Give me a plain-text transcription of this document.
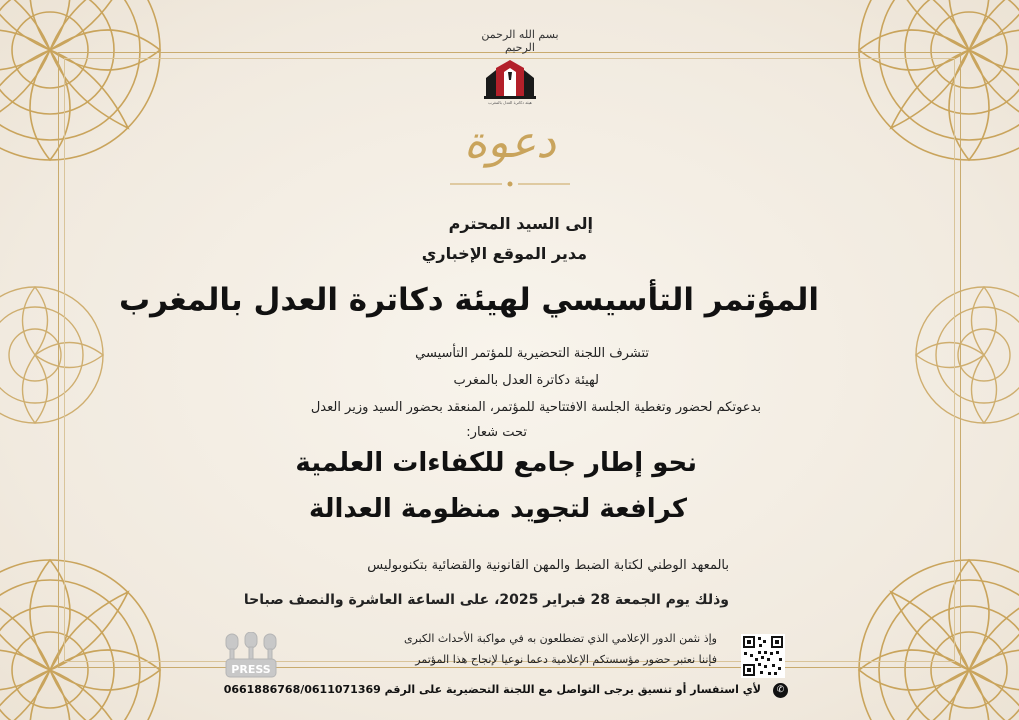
بسم الله الرحمن الرحيم
هيئة دكاترة العدل بالمغرب
دعوة
إلى السيد المحترم
مدير الموقع الإخباري
المؤتمر التأسيسي لهيئة دكاترة العدل بالمغرب
تتشرف اللجنة التحضيرية للمؤتمر التأسيسي
لهيئة دكاترة العدل بالمغرب
بدعوتكم لحضور وتغطية الجلسة الافتتاحية للمؤتمر، المنعقد بحضور السيد وزير العدل
تحت شعار:
نحو إطار جامع للكفاءات العلمية
كرافعة لتجويد منظومة العدالة
بالمعهد الوطني لكتابة الضبط والمهن القانونية والقضائية بتكنوبوليس
وذلك يوم الجمعة 28 فبراير 2025، على الساعة العاشرة والنصف صباحا
وإذ نثمن الدور الإعلامي الذي تضطلعون به في مواكبة الأحداث الكبرى
فإننا نعتبر حضور مؤسستكم الإعلامية دعما نوعيا لإنجاح هذا المؤتمر
لأي استفسار أو تنسيق يرجى التواصل مع اللجنة التحضيرية على الرقم 0661886768/0611071369	✆
PRESS
